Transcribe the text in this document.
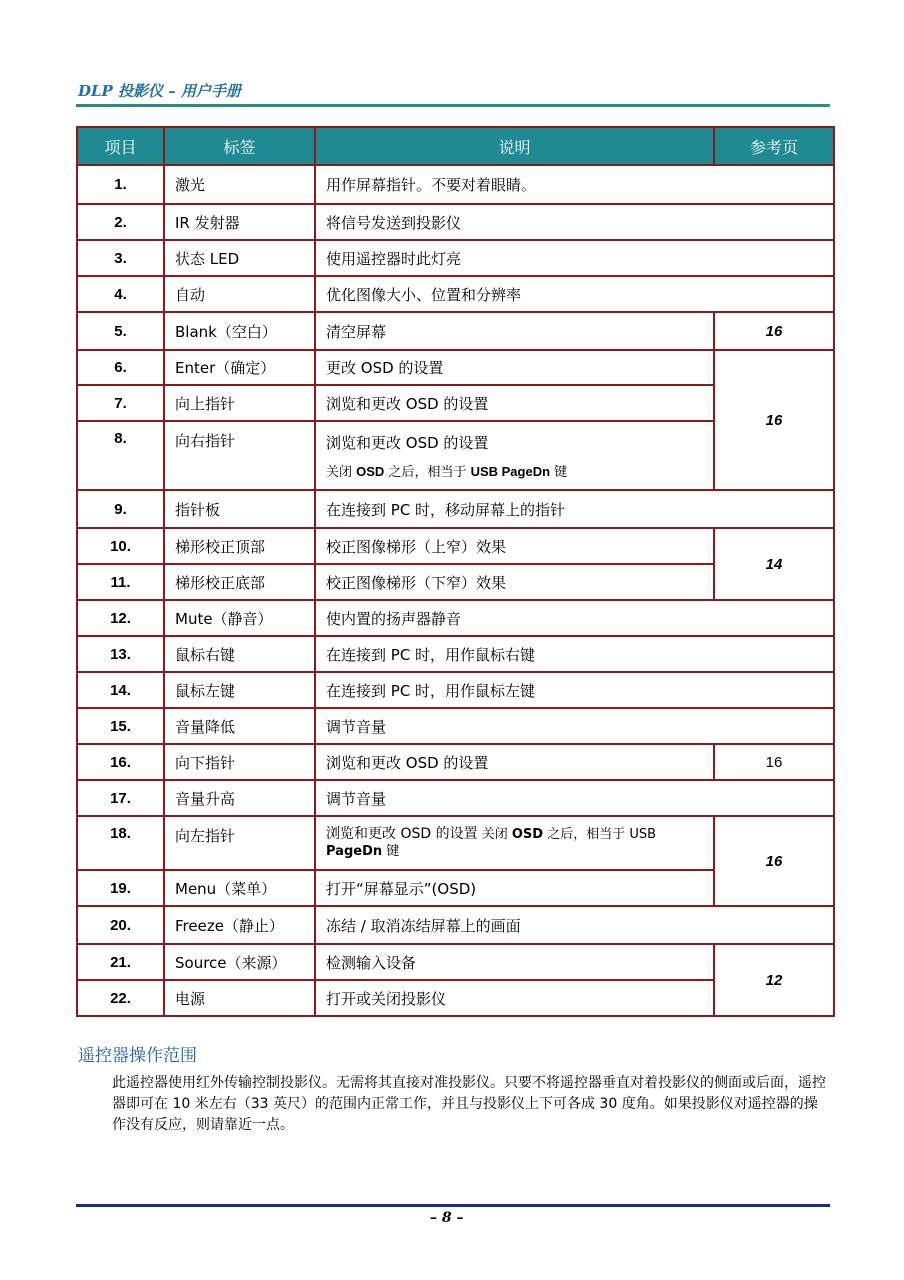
DLP 投影仪 – 用户手册
项目	标签	说明	参考页
1.	激光	用作屏幕指针。不要对着眼睛。	
2.	IR 发射器	将信号发送到投影仪	
3.	状态 LED	使用遥控器时此灯亮	
4.	自动	优化图像大小、位置和分辨率	
5.	Blank（空白）	清空屏幕	16
6.	Enter（确定）	更改 OSD 的设置	16
7.	向上指针	浏览和更改 OSD 的设置	
8.	向右指针	浏览和更改 OSD 的设置
关闭 OSD 之后，相当于 USB PageDn 键	

9.	指针板	在连接到 PC 时，移动屏幕上的指针	
10.	梯形校正顶部	校正图像梯形（上窄）效果	14
11.	梯形校正底部	校正图像梯形（下窄）效果	
12.	Mute（静音）	使内置的扬声器静音	
13.	鼠标右键	在连接到 PC 时，用作鼠标右键	
14.	鼠标左键	在连接到 PC 时，用作鼠标左键	
15.	音量降低	调节音量	
16.	向下指针	浏览和更改 OSD 的设置	16
17.	音量升高	调节音量	
18.	向左指针	浏览和更改 OSD 的设置 关闭 OSD 之后，相当于 USB PageDn 键	16
19.	Menu（菜单）	打开“屏幕显示”(OSD)	
20.	Freeze（静止）	冻结 / 取消冻结屏幕上的画面	
21.	Source（来源）	检测输入设备	12
22.	电源	打开或关闭投影仪	
遥控器操作范围
此遥控器使用红外传输控制投影仪。无需将其直接对准投影仪。只要不将遥控器垂直对着投影仪的侧面或后面，遥控器即可在 10 米左右（33 英尺）的范围内正常工作，并且与投影仪上下可各成 30 度角。如果投影仪对遥控器的操作没有反应，则请靠近一点。
– 8 –
